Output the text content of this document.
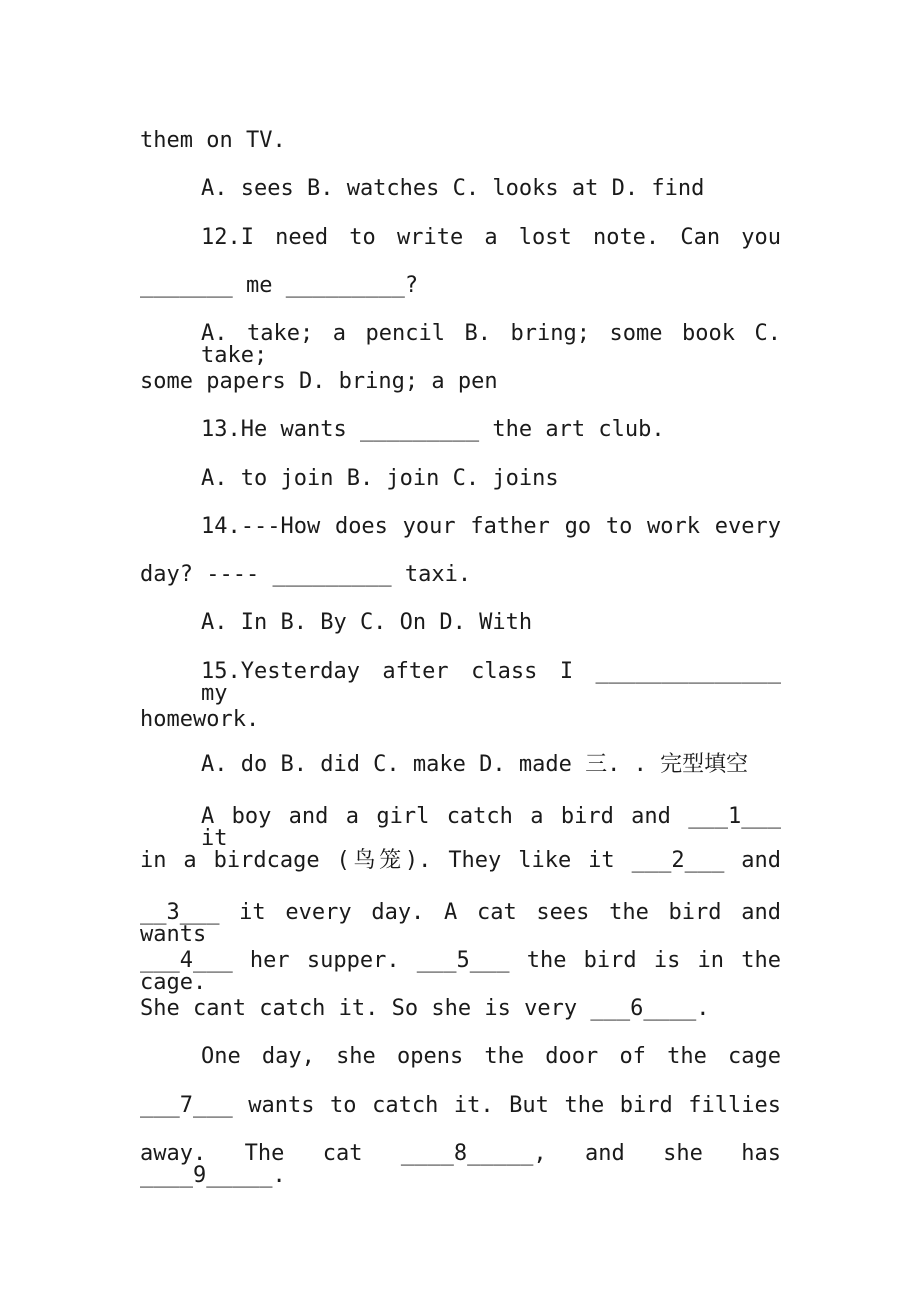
them on TV.
A. sees B. watches C. looks at D. find
12.I need to write a lost note. Can you
_______ me _________?
A. take; a pencil B. bring; some book C. take;
some papers D. bring; a pen
13.He wants _________ the art club.
A. to join B. join C. joins
14.---How does your father go to work every
day? ---- _________ taxi.
A. In B. By C. On D. With
15.Yesterday after class I ______________ my
homework.
A. do B. did C. make D. made 三. . 完型填空
A boy and a girl catch a bird and ___1___ it
in a birdcage (鸟笼). They like it ___2___ and
__3___ it every day. A cat sees the bird and wants
___4___ her supper. ___5___ the bird is in the cage.
She cant catch it. So she is very ___6____.
One day, she opens the door of the cage
___7___ wants to catch it. But the bird fillies
away. The cat ____8_____, and she has ____9_____.
